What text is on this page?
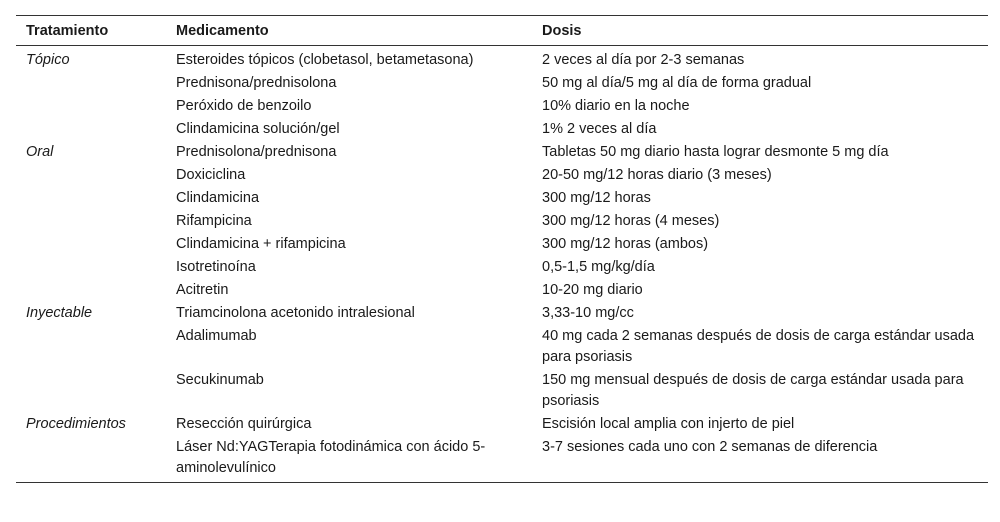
Tratamiento	Medicamento	Dosis
Tópico	Esteroides tópicos (clobetasol, betametasona)	2 veces al día por 2-3 semanas
	Prednisona/prednisolona	50 mg al día/5 mg al día de forma gradual
	Peróxido de benzoilo	10% diario en la noche
	Clindamicina solución/gel	1% 2 veces al día
Oral	Prednisolona/prednisona	Tabletas 50 mg diario hasta lograr desmonte 5 mg día
	Doxiciclina	20-50 mg/12 horas diario (3 meses)
	Clindamicina	300 mg/12 horas
	Rifampicina	300 mg/12 horas (4 meses)
	Clindamicina + rifampicina	300 mg/12 horas (ambos)
	Isotretinoína	0,5-1,5 mg/kg/día
	Acitretin	10-20 mg diario
Inyectable	Triamcinolona acetonido intralesional	3,33-10 mg/cc
	Adalimumab	40 mg cada 2 semanas después de dosis de carga estándar usada para psoriasis
	Secukinumab	150 mg mensual después de dosis de carga estándar usada para psoriasis
Procedimientos	Resección quirúrgica	Escisión local amplia con injerto de piel
	Láser Nd:YAGTerapia fotodinámica con ácido 5- aminolevulínico	3-7 sesiones cada uno con 2 semanas de diferencia
